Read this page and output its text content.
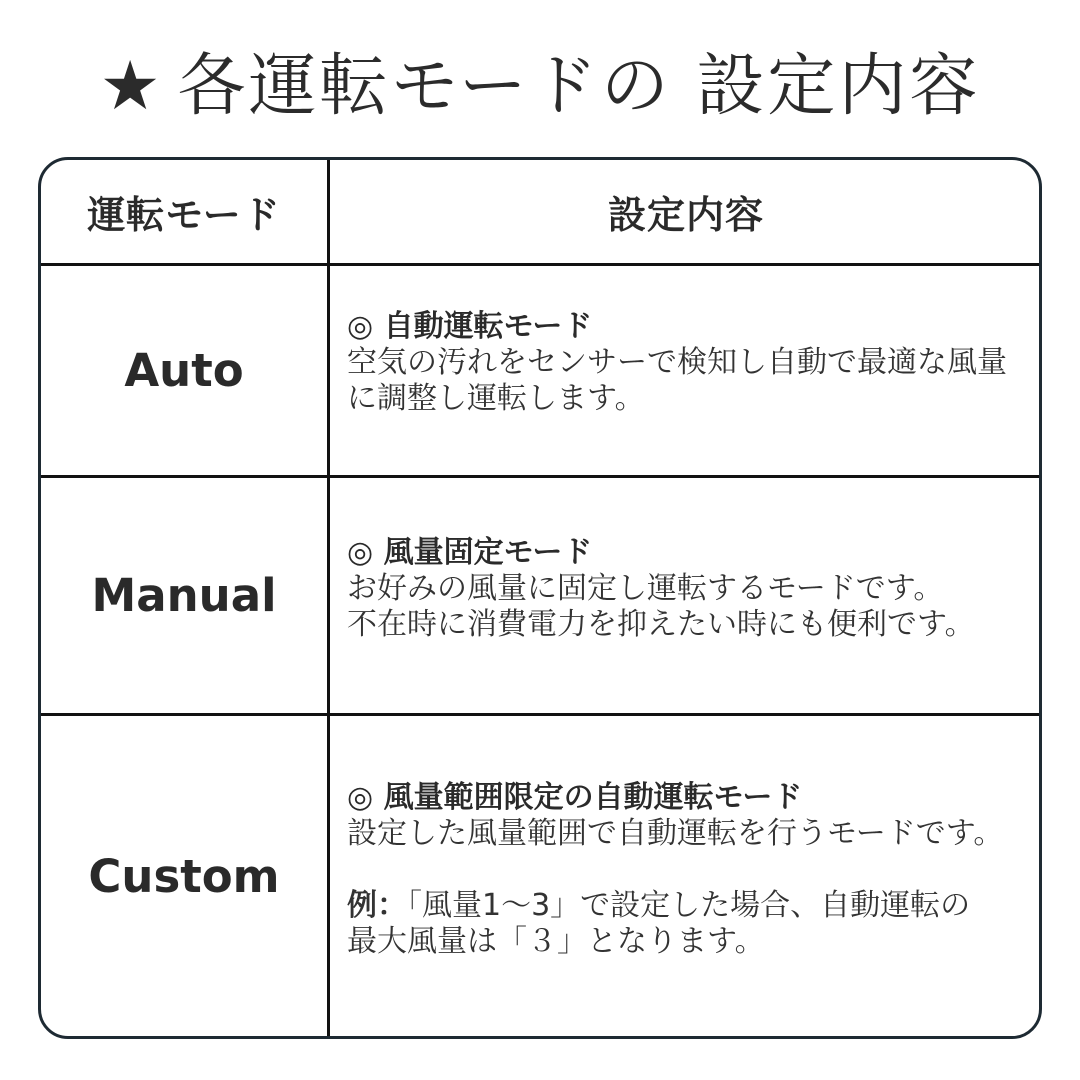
★ 各運転モードの 設定内容
運転モード	設定内容
Auto
◎ 自動運転モード
空気の汚れをセンサーで検知し自動で最適な風量
に調整し運転します。
Manual
◎ 風量固定モード
お好みの風量に固定し運転するモードです。
不在時に消費電力を抑えたい時にも便利です。
Custom
◎ 風量範囲限定の自動運転モード
設定した風量範囲で自動運転を行うモードです。
例：「風量1～3」で設定した場合、自動運転の
最大風量は「３」となります。
